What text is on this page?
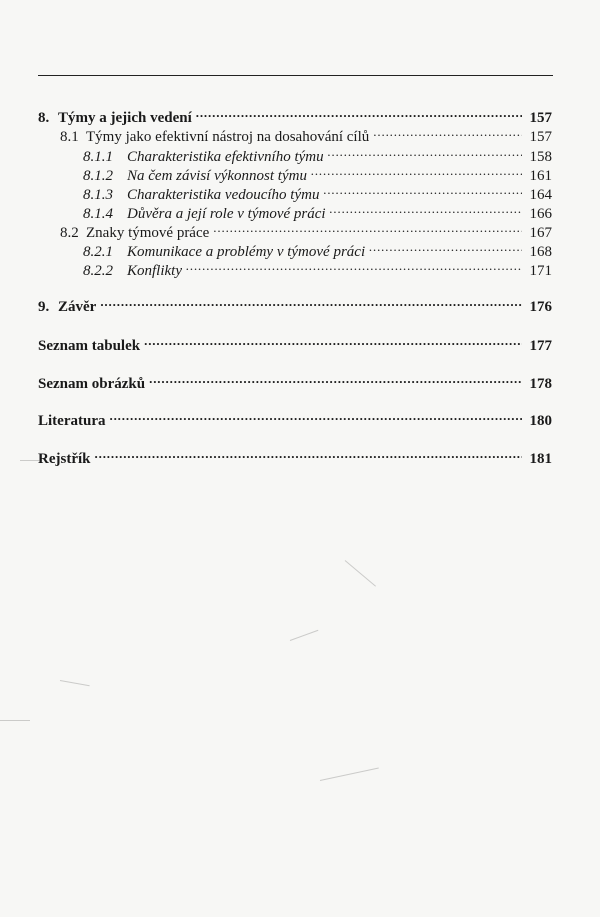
8. Týmy a jejich vedení . . .	157
8.1 Týmy jako efektivní nástroj na dosahování cílů . . .	157
8.1.1 Charakteristika efektivního týmu . . .	158
8.1.2 Na čem závisí výkonnost týmu . . .	161
8.1.3 Charakteristika vedoucího týmu . . .	164
8.1.4 Důvěra a její role v týmové práci . . .	166
8.2 Znaky týmové práce . . .	167
8.2.1 Komunikace a problémy v týmové práci . . .	168
8.2.2 Konflikty . . .	171
9. Závěr . . .	176
Seznam tabulek . . .	177
Seznam obrázků . . .	178
Literatura . . .	180
Rejstřík . . .	181
